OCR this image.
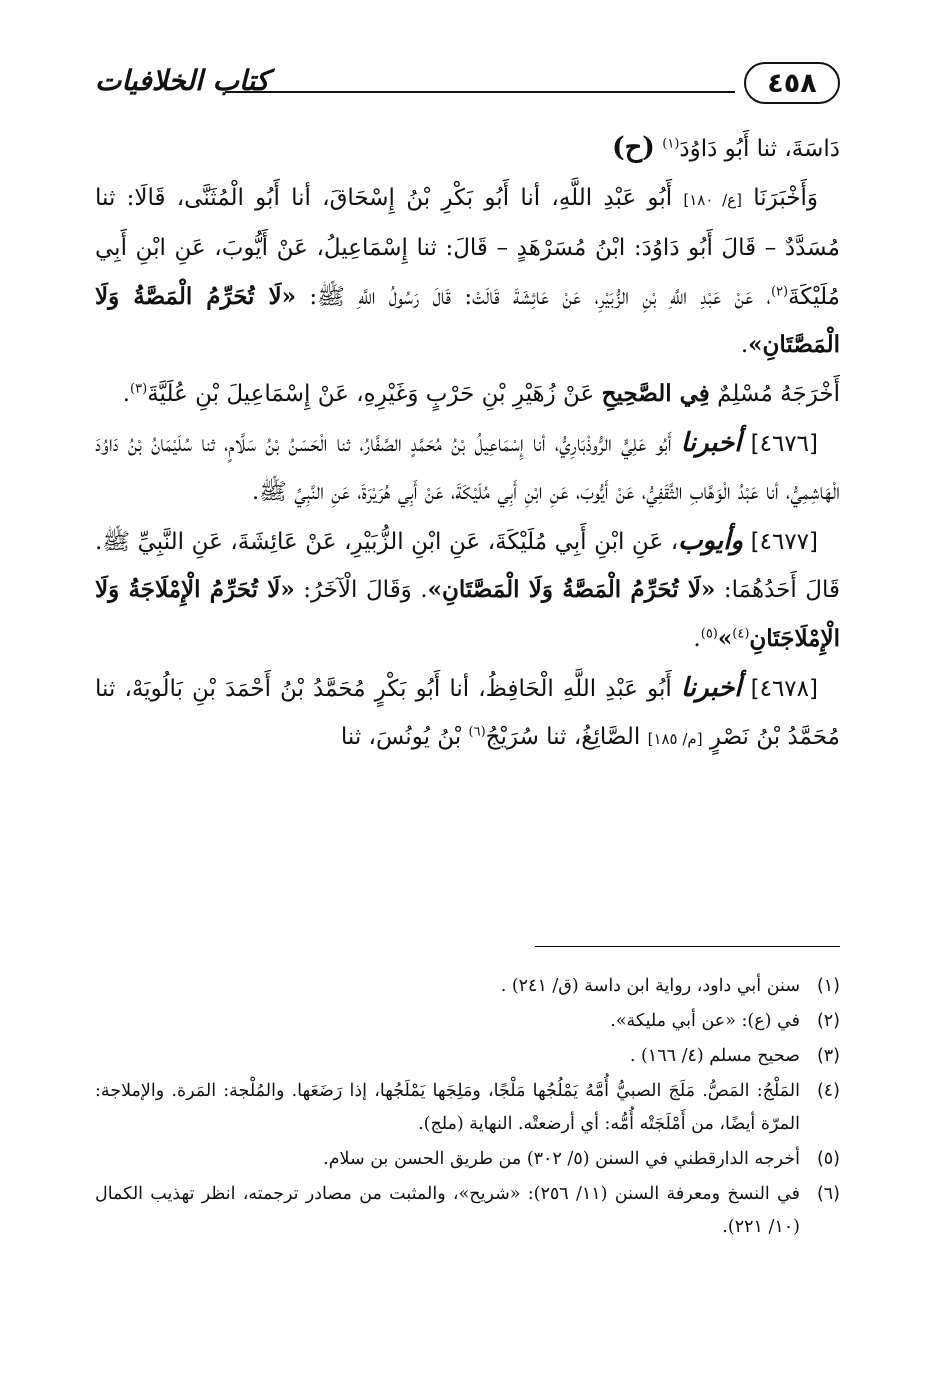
كتاب الخلافيات	٤٥٨

دَاسَةَ، ثنا أَبُو دَاوُدَ$^{(١)}$ (ح)

وَأَخْبَرَنَا [ع/ ١٨٠] أَبُو عَبْدِ اللَّهِ، أنا أَبُو بَكْرِ بْنُ إِسْحَاقَ، أنا أَبُو الْمُثَنَّى، قَالَا: ثنا مُسَدَّدٌ – قَالَ أَبُو دَاوُدَ: ابْنُ مُسَرْهَدٍ – قَالَ: ثنا إِسْمَاعِيلُ، عَنْ أَيُّوبَ، عَنِ ابْنِ أَبِي مُلَيْكَةَ$^{(٢)}$، عَنْ عَبْدِ اللَّهِ بْنِ الزُّبَيْرِ، عَنْ عَائِشَةَ قَالَتْ: قَالَ رَسُولُ اللَّهِ ﷺ: «لَا تُحَرِّمُ الْمَصَّةُ وَلَا الْمَصَّتَانِ».

أَخْرَجَهُ مُسْلِمٌ فِي الصَّحِيحِ عَنْ زُهَيْرِ بْنِ حَرْبٍ وَغَيْرِهِ، عَنْ إِسْمَاعِيلَ بْنِ عُلَيَّةَ$^{(٣)}$.

[٤٦٧٦] أخبرنا أَبُو عَلِيٍّ الرُّوذْبَارِيُّ، أنا إِسْمَاعِيلُ بْنُ مُحَمَّدٍ الصَّفَّارُ، ثنا الْحَسَنُ بْنُ سَلَّامٍ، ثنا سُلَيْمَانُ بْنُ دَاوُدَ الْهَاشِمِيُّ، أنا عَبْدُ الْوَهَّابِ الثَّقَفِيُّ، عَنْ أَيُّوبَ، عَنِ ابْنِ أَبِي مُلَيْكَةَ، عَنْ أَبِي هُرَيْرَةَ، عَنِ النَّبِيِّ ﷺ.

[٤٦٧٧] وأيوب، عَنِ ابْنِ أَبِي مُلَيْكَةَ، عَنِ ابْنِ الزُّبَيْرِ، عَنْ عَائِشَةَ، عَنِ النَّبِيِّ ﷺ. قَالَ أَحَدُهُمَا: «لَا تُحَرِّمُ الْمَصَّةُ وَلَا الْمَصَّتَانِ». وَقَالَ الْآخَرُ: «لَا تُحَرِّمُ الْإِمْلَاجَةُ وَلَا الْإِمْلَاجَتَانِ$^{(٤)}$»$^{(٥)}$.

[٤٦٧٨] أخبرنا أَبُو عَبْدِ اللَّهِ الْحَافِظُ، أنا أَبُو بَكْرٍ مُحَمَّدُ بْنُ أَحْمَدَ بْنِ بَالُويَهْ، ثنا مُحَمَّدُ بْنُ نَصْرٍ [م/ ١٨٥] الصَّائِغُ، ثنا سُرَيْجُ$^{(٦)}$ بْنُ يُونُسَ، ثنا

(١)
سنن أبي داود، رواية ابن داسة (ق/ ٢٤١) .
(٢)
في (ع): «عن أبي مليكة».
(٣)
صحيح مسلم (٤/ ١٦٦) .
(٤)
المَلْجُ: المَصُّ. مَلَجَ الصبيُّ أُمَّهُ يَمْلُجُها مَلْجًا، ومَلِجَها يَمْلَجُها، إذا رَضَعَها. والمُلْجة: المَرة. والإملاجة: المرّة أيضًا، من أَمْلَجَتْه أُمُّه: أي أرضعتْه. النهاية (ملج).
(٥)
أخرجه الدارقطني في السنن (٥/ ٣٠٢) من طريق الحسن بن سلام.
(٦)
في النسخ ومعرفة السنن (١١/ ٢٥٦): «شريح»، والمثبت من مصادر ترجمته، انظر تهذيب الكمال (١٠/ ٢٢١).
